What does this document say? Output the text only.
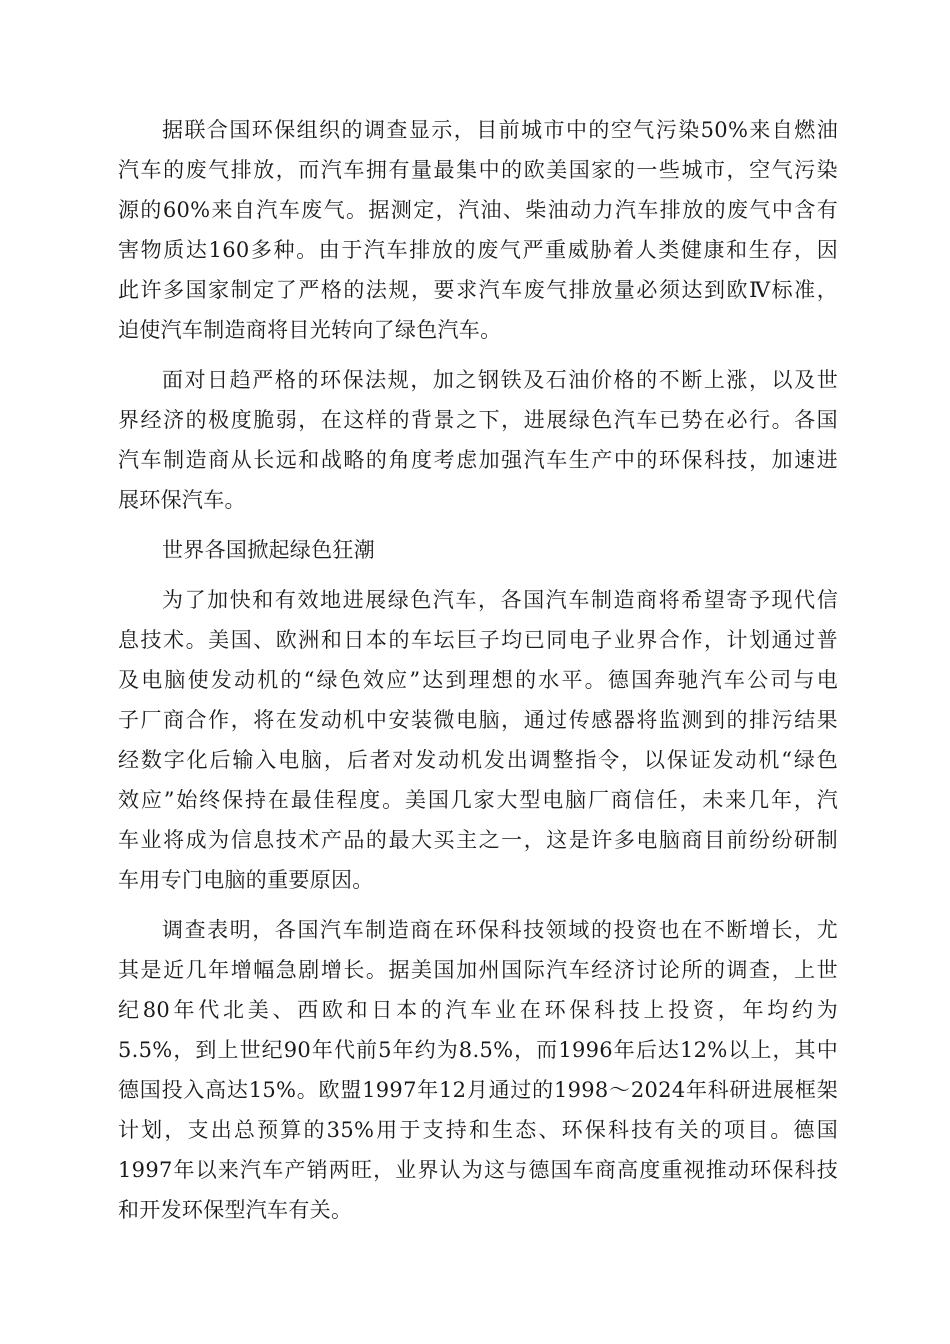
据联合国环保组织的调查显示，目前城市中的空气污染50%来自燃油
汽车的废气排放，而汽车拥有量最集中的欧美国家的一些城市，空气污染
源的60%来自汽车废气。据测定，汽油、柴油动力汽车排放的废气中含有
害物质达160多种。由于汽车排放的废气严重威胁着人类健康和生存，因
此许多国家制定了严格的法规，要求汽车废气排放量必须达到欧Ⅳ标准，
迫使汽车制造商将目光转向了绿色汽车。
面对日趋严格的环保法规，加之钢铁及石油价格的不断上涨，以及世
界经济的极度脆弱，在这样的背景之下，进展绿色汽车已势在必行。各国
汽车制造商从长远和战略的角度考虑加强汽车生产中的环保科技，加速进
展环保汽车。
世界各国掀起绿色狂潮
为了加快和有效地进展绿色汽车，各国汽车制造商将希望寄予现代信
息技术。美国、欧洲和日本的车坛巨子均已同电子业界合作，计划通过普
及电脑使发动机的“绿色效应”达到理想的水平。德国奔驰汽车公司与电
子厂商合作，将在发动机中安装微电脑，通过传感器将监测到的排污结果
经数字化后输入电脑，后者对发动机发出调整指令，以保证发动机“绿色
效应”始终保持在最佳程度。美国几家大型电脑厂商信任，未来几年，汽
车业将成为信息技术产品的最大买主之一，这是许多电脑商目前纷纷研制
车用专门电脑的重要原因。
调查表明，各国汽车制造商在环保科技领域的投资也在不断增长，尤
其是近几年增幅急剧增长。据美国加州国际汽车经济讨论所的调查，上世
纪80年代北美、西欧和日本的汽车业在环保科技上投资，年均约为
5.5%，到上世纪90年代前5年约为8.5%，而1996年后达12%以上，其中
德国投入高达15%。欧盟1997年12月通过的1998～2024年科研进展框架
计划，支出总预算的35%用于支持和生态、环保科技有关的项目。德国
1997年以来汽车产销两旺，业界认为这与德国车商高度重视推动环保科技
和开发环保型汽车有关。
